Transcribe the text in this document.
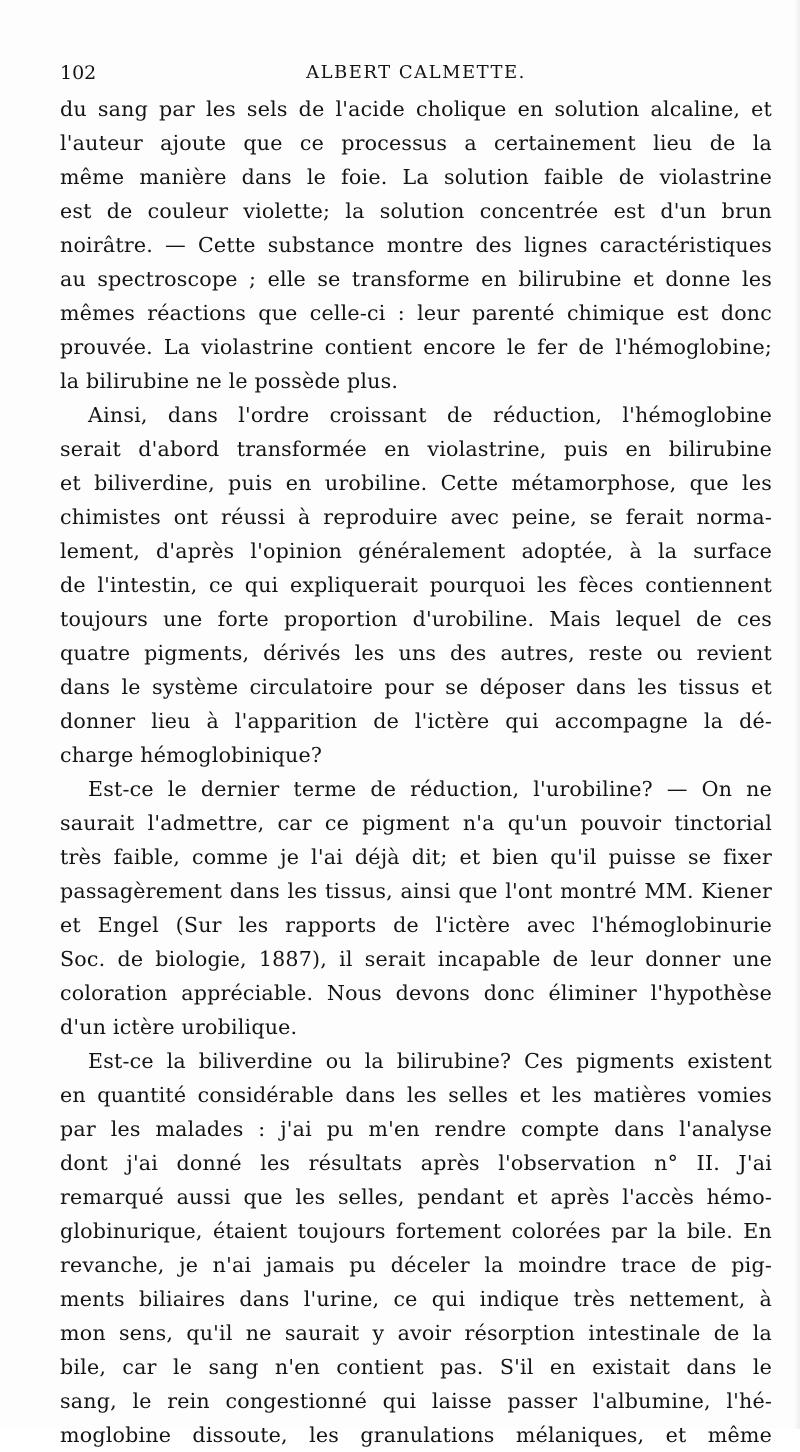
102	ALBERT CALMETTE.
du sang par les sels de l'acide cholique en solution alcaline, et
l'auteur ajoute que ce processus a certainement lieu de la
même manière dans le foie. La solution faible de violastrine
est de couleur violette; la solution concentrée est d'un brun
noirâtre. — Cette substance montre des lignes caractéristiques
au spectroscope ; elle se transforme en bilirubine et donne les
mêmes réactions que celle-ci : leur parenté chimique est donc
prouvée. La violastrine contient encore le fer de l'hémoglobine;
la bilirubine ne le possède plus.
Ainsi, dans l'ordre croissant de réduction, l'hémoglobine
serait d'abord transformée en violastrine, puis en bilirubine
et biliverdine, puis en urobiline. Cette métamorphose, que les
chimistes ont réussi à reproduire avec peine, se ferait norma-
lement, d'après l'opinion généralement adoptée, à la surface
de l'intestin, ce qui expliquerait pourquoi les fèces contiennent
toujours une forte proportion d'urobiline. Mais lequel de ces
quatre pigments, dérivés les uns des autres, reste ou revient
dans le système circulatoire pour se déposer dans les tissus et
donner lieu à l'apparition de l'ictère qui accompagne la dé-
charge hémoglobinique?
Est-ce le dernier terme de réduction, l'urobiline? — On ne
saurait l'admettre, car ce pigment n'a qu'un pouvoir tinctorial
très faible, comme je l'ai déjà dit; et bien qu'il puisse se fixer
passagèrement dans les tissus, ainsi que l'ont montré MM. Kiener
et Engel (Sur les rapports de l'ictère avec l'hémoglobinurie
Soc. de biologie, 1887), il serait incapable de leur donner une
coloration appréciable. Nous devons donc éliminer l'hypothèse
d'un ictère urobilique.
Est-ce la biliverdine ou la bilirubine? Ces pigments existent
en quantité considérable dans les selles et les matières vomies
par les malades : j'ai pu m'en rendre compte dans l'analyse
dont j'ai donné les résultats après l'observation n° II. J'ai
remarqué aussi que les selles, pendant et après l'accès hémo-
globinurique, étaient toujours fortement colorées par la bile. En
revanche, je n'ai jamais pu déceler la moindre trace de pig-
ments biliaires dans l'urine, ce qui indique très nettement, à
mon sens, qu'il ne saurait y avoir résorption intestinale de la
bile, car le sang n'en contient pas. S'il en existait dans le
sang, le rein congestionné qui laisse passer l'albumine, l'hé-
moglobine dissoute, les granulations mélaniques, et même
